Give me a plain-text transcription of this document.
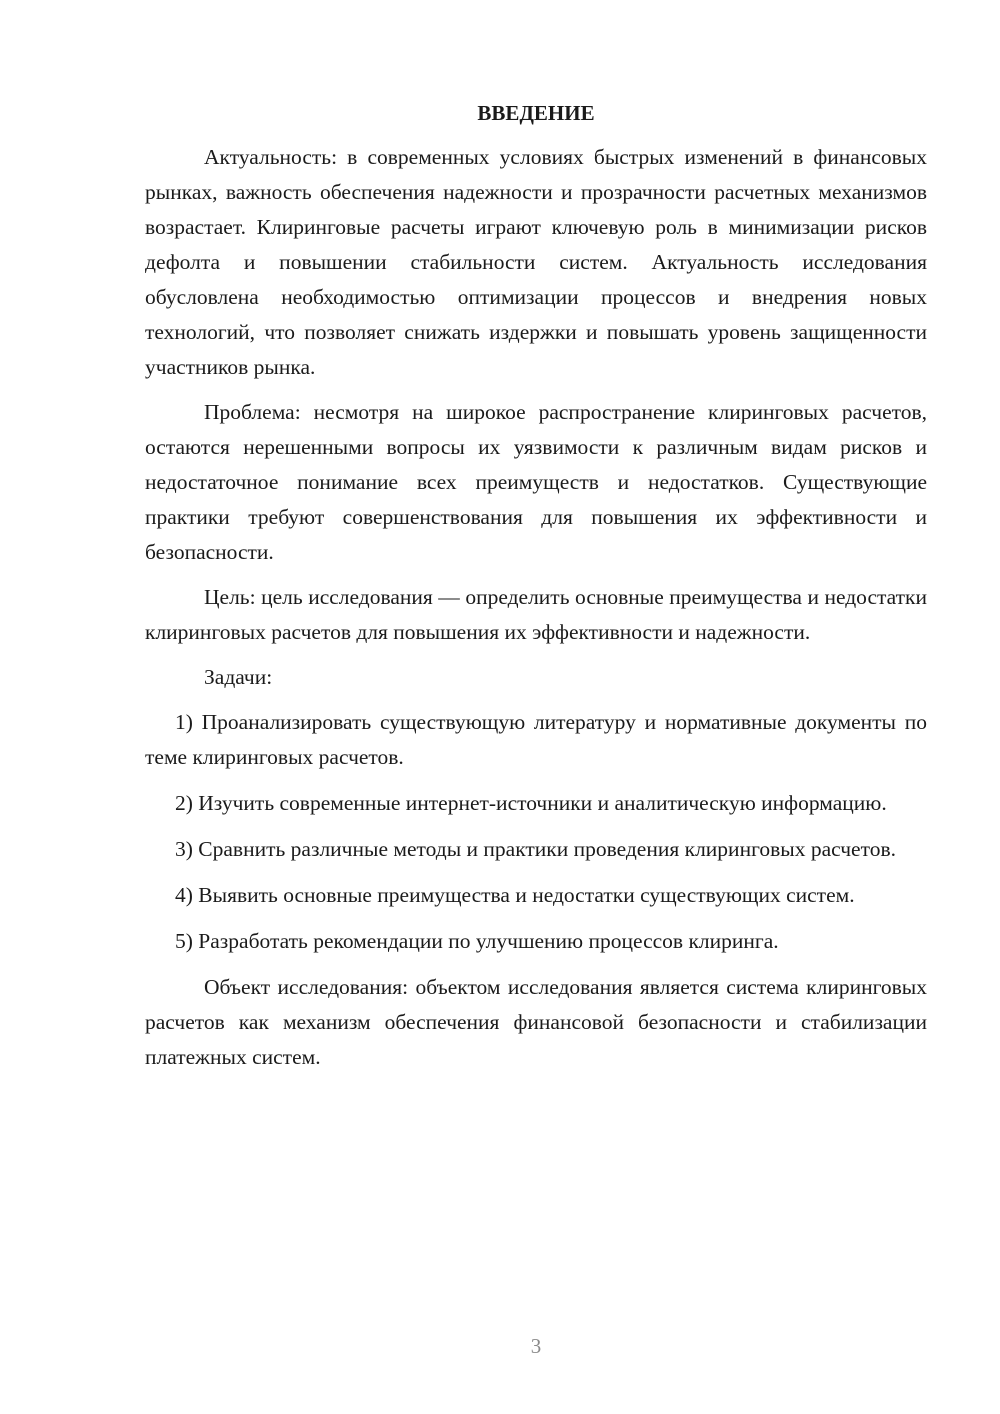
ВВЕДЕНИЕ

Актуальность: в современных условиях быстрых изменений в финансовых рынках, важность обеспечения надежности и прозрачности расчетных механизмов возрастает. Клиринговые расчеты играют ключевую роль в минимизации рисков дефолта и повышении стабильности систем. Актуальность исследования обусловлена необходимостью оптимизации процессов и внедрения новых технологий, что позволяет снижать издержки и повышать уровень защищенности участников рынка.

Проблема: несмотря на широкое распространение клиринговых расчетов, остаются нерешенными вопросы их уязвимости к различным видам рисков и недостаточное понимание всех преимуществ и недостатков. Существующие практики требуют совершенствования для повышения их эффективности и безопасности.

Цель: цель исследования — определить основные преимущества и недостатки клиринговых расчетов для повышения их эффективности и надежности.

Задачи:

1) Проанализировать существующую литературу и нормативные документы по теме клиринговых расчетов.

2) Изучить современные интернет-источники и аналитическую информацию.

3) Сравнить различные методы и практики проведения клиринговых расчетов.

4) Выявить основные преимущества и недостатки существующих систем.

5) Разработать рекомендации по улучшению процессов клиринга.

Объект исследования: объектом исследования является система клиринговых расчетов как механизм обеспечения финансовой безопасности и стабилизации платежных систем.

3
